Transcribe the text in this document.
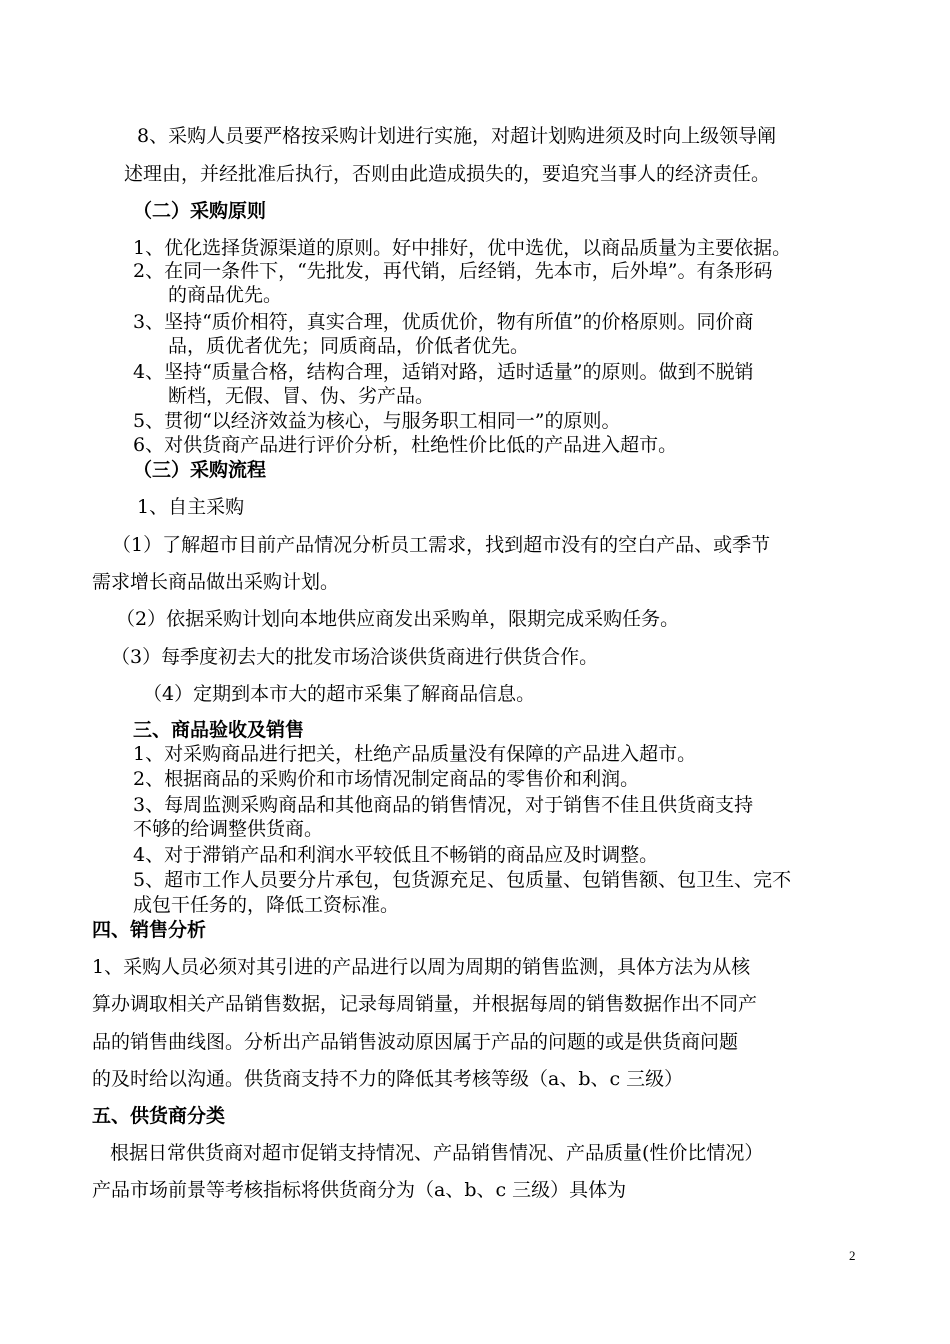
8、采购人员要严格按采购计划进行实施，对超计划购进须及时向上级领导阐
述理由，并经批准后执行，否则由此造成损失的，要追究当事人的经济责任。
（二）采购原则
1、优化选择货源渠道的原则。好中排好，优中选优，以商品质量为主要依据。
2、在同一条件下，“先批发，再代销，后经销，先本市，后外埠”。有条形码
的商品优先。
3、坚持“质价相符，真实合理，优质优价，物有所值”的价格原则。同价商
品，质优者优先；同质商品，价低者优先。
4、坚持“质量合格，结构合理，适销对路，适时适量”的原则。做到不脱销
断档，无假、冒、伪、劣产品。
5、贯彻“以经济效益为核心，与服务职工相同一”的原则。
6、对供货商产品进行评价分析，杜绝性价比低的产品进入超市。
（三）采购流程
1、自主采购
（1）了解超市目前产品情况分析员工需求，找到超市没有的空白产品、或季节
需求增长商品做出采购计划。
（2）依据采购计划向本地供应商发出采购单，限期完成采购任务。
（3）每季度初去大的批发市场洽谈供货商进行供货合作。
（4）定期到本市大的超市采集了解商品信息。
三、商品验收及销售
1、对采购商品进行把关，杜绝产品质量没有保障的产品进入超市。
2、根据商品的采购价和市场情况制定商品的零售价和利润。
3、每周监测采购商品和其他商品的销售情况，对于销售不佳且供货商支持
不够的给调整供货商。
4、对于滞销产品和利润水平较低且不畅销的商品应及时调整。
5、超市工作人员要分片承包，包货源充足、包质量、包销售额、包卫生、完不
成包干任务的，降低工资标准。
四、销售分析
1、采购人员必须对其引进的产品进行以周为周期的销售监测，具体方法为从核
算办调取相关产品销售数据，记录每周销量，并根据每周的销售数据作出不同产
品的销售曲线图。分析出产品销售波动原因属于产品的问题的或是供货商问题
的及时给以沟通。供货商支持不力的降低其考核等级（a、b、c 三级）
五、供货商分类
根据日常供货商对超市促销支持情况、产品销售情况、产品质量(性价比情况）
产品市场前景等考核指标将供货商分为（a、b、c 三级）具体为
2
